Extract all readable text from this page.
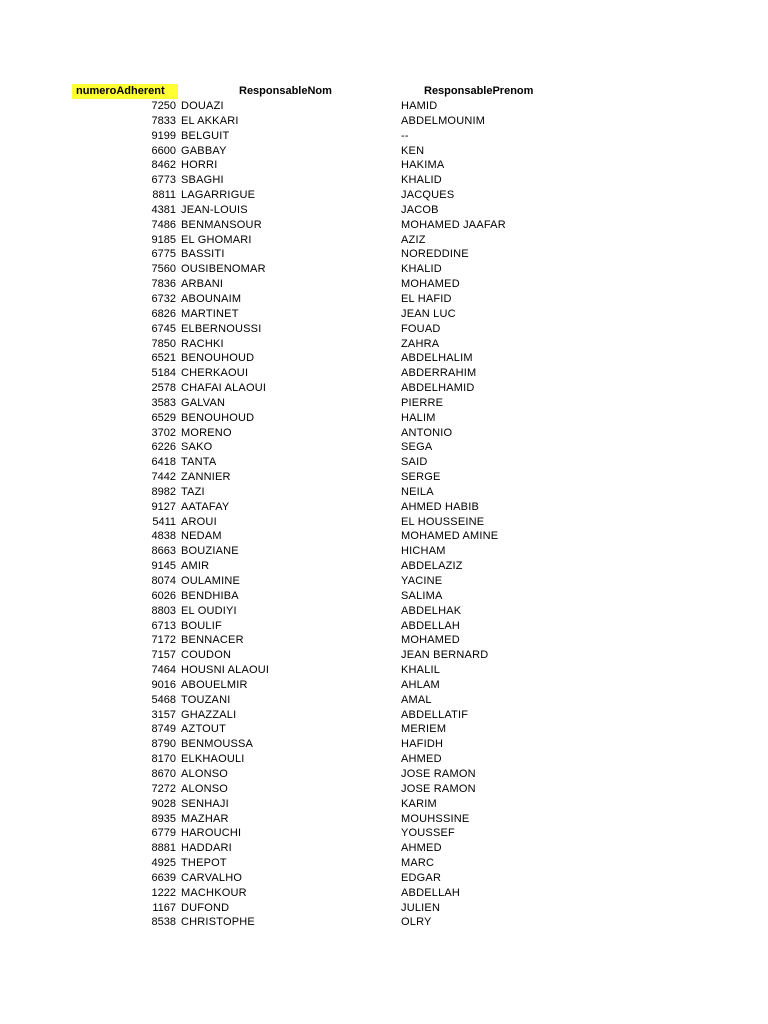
numeroAdherent	ResponsableNom	ResponsablePrenom
7250 DOUAZI	HAMID
7833 EL AKKARI	ABDELMOUNIM
9199 BELGUIT	--
6600 GABBAY	KEN
8462 HORRI	HAKIMA
6773 SBAGHI	KHALID
8811 LAGARRIGUE	JACQUES
4381 JEAN-LOUIS	JACOB
7486 BENMANSOUR	MOHAMED JAAFAR
9185 EL GHOMARI	AZIZ
6775 BASSITI	NOREDDINE
7560 OUSIBENOMAR	KHALID
7836 ARBANI	MOHAMED
6732 ABOUNAIM	EL HAFID
6826 MARTINET	JEAN LUC
6745 ELBERNOUSSI	FOUAD
7850 RACHKI	ZAHRA
6521 BENOUHOUD	ABDELHALIM
5184 CHERKAOUI	ABDERRAHIM
2578 CHAFAI ALAOUI	ABDELHAMID
3583 GALVAN	PIERRE
6529 BENOUHOUD	HALIM
3702 MORENO	ANTONIO
6226 SAKO	SEGA
6418 TANTA	SAID
7442 ZANNIER	SERGE
8982 TAZI	NEILA
9127 AATAFAY	AHMED HABIB
5411 AROUI	EL HOUSSEINE
4838 NEDAM	MOHAMED AMINE
8663 BOUZIANE	HICHAM
9145 AMIR	ABDELAZIZ
8074 OULAMINE	YACINE
6026 BENDHIBA	SALIMA
8803 EL OUDIYI	ABDELHAK
6713 BOULIF	ABDELLAH
7172 BENNACER	MOHAMED
7157 COUDON	JEAN BERNARD
7464 HOUSNI ALAOUI	KHALIL
9016 ABOUELMIR	AHLAM
5468 TOUZANI	AMAL
3157 GHAZZALI	ABDELLATIF
8749 AZTOUT	MERIEM
8790 BENMOUSSA	HAFIDH
8170 ELKHAOULI	AHMED
8670 ALONSO	JOSE RAMON
7272 ALONSO	JOSE RAMON
9028 SENHAJI	KARIM
8935 MAZHAR	MOUHSSINE
6779 HAROUCHI	YOUSSEF
8881 HADDARI	AHMED
4925 THEPOT	MARC
6639 CARVALHO	EDGAR
1222 MACHKOUR	ABDELLAH
1167 DUFOND	JULIEN
8538 CHRISTOPHE	OLRY
